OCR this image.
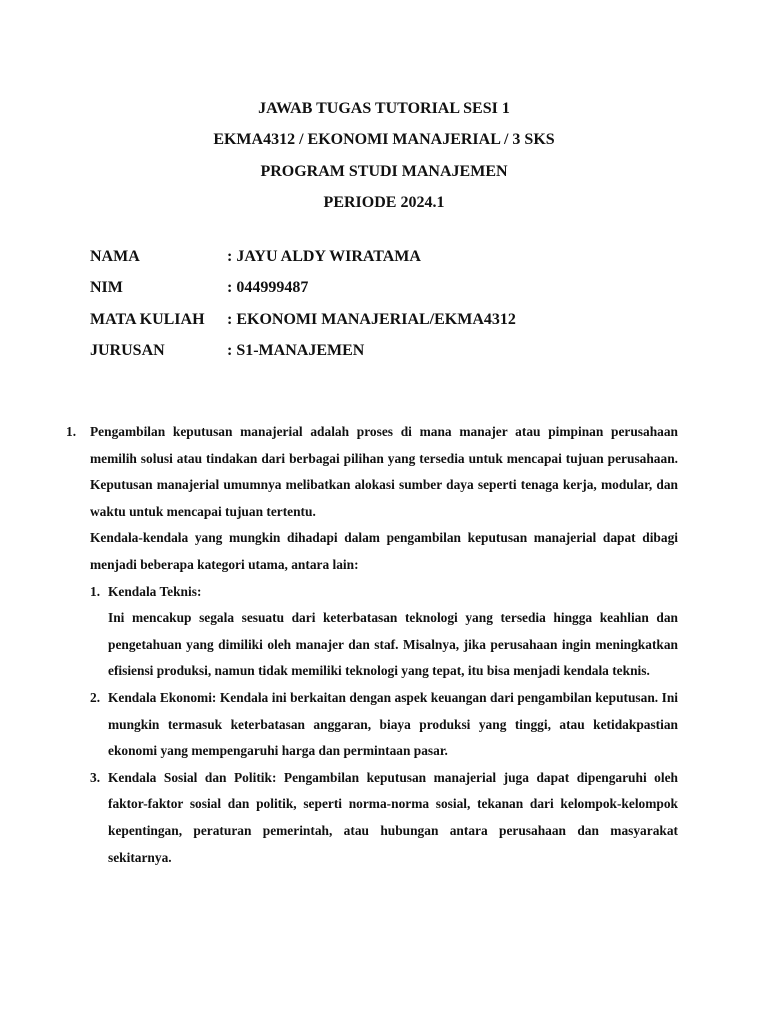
JAWAB TUGAS TUTORIAL SESI 1

EKMA4312 / EKONOMI MANAJERIAL / 3 SKS

PROGRAM STUDI MANAJEMEN

PERIODE 2024.1

NAMA	: JAYU ALDY WIRATAMA
NIM	: 044999487
MATA KULIAH	: EKONOMI MANAJERIAL/EKMA4312
JURUSAN	: S1-MANAJEMEN
1.	Pengambilan keputusan manajerial adalah proses di mana manajer atau pimpinan perusahaan memilih solusi atau tindakan dari berbagai pilihan yang tersedia untuk mencapai tujuan perusahaan. Keputusan manajerial umumnya melibatkan alokasi sumber daya seperti tenaga kerja, modular, dan waktu untuk mencapai tujuan tertentu.

Kendala-kendala yang mungkin dihadapi dalam pengambilan keputusan manajerial dapat dibagi menjadi beberapa kategori utama, antara lain:

1. Kendala Teknis:
Ini mencakup segala sesuatu dari keterbatasan teknologi yang tersedia hingga keahlian dan pengetahuan yang dimiliki oleh manajer dan staf. Misalnya, jika perusahaan ingin meningkatkan efisiensi produksi, namun tidak memiliki teknologi yang tepat, itu bisa menjadi kendala teknis.
2. Kendala Ekonomi: Kendala ini berkaitan dengan aspek keuangan dari pengambilan keputusan. Ini mungkin termasuk keterbatasan anggaran, biaya produksi yang tinggi, atau ketidakpastian ekonomi yang mempengaruhi harga dan permintaan pasar.
3. Kendala Sosial dan Politik: Pengambilan keputusan manajerial juga dapat dipengaruhi oleh faktor-faktor sosial dan politik, seperti norma-norma sosial, tekanan dari kelompok-kelompok kepentingan, peraturan pemerintah, atau hubungan antara perusahaan dan masyarakat sekitarnya.
